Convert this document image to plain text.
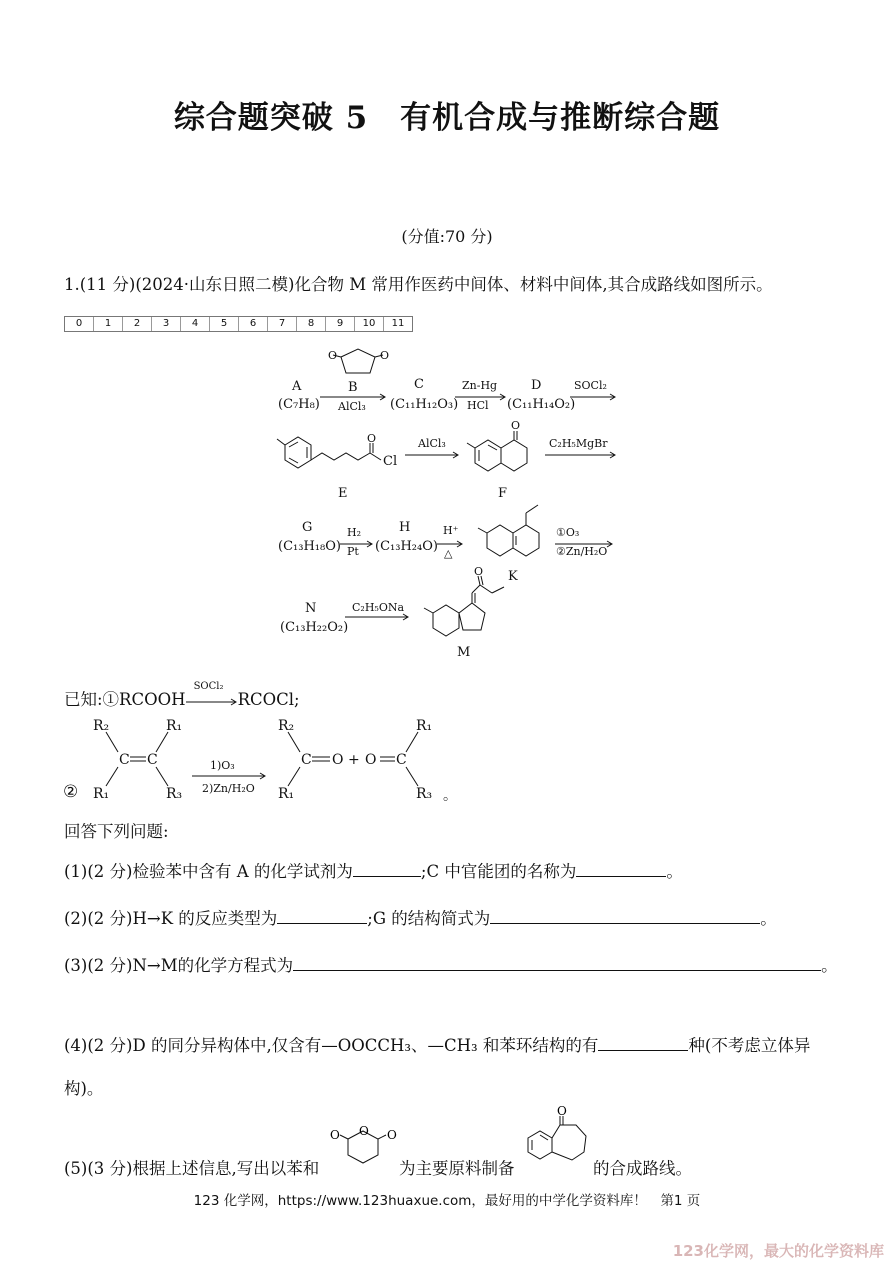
综合题突破 5　有机合成与推断综合题
(分值:70 分)
1.(11 分)(2024·山东日照二模)化合物 M 常用作医药中间体、材料中间体,其合成路线如图所示。
0	1	2	3	4	5	6	7	8	9	10	11
O	O
A
(C₇H₈)
B
AlCl₃
C
(C₁₁H₁₂O₃)
Zn-Hg
HCl
D
(C₁₁H₁₄O₂)
SOCl₂
O
Cl
E
AlCl₃
O
F
C₂H₅MgBr
G
(C₁₃H₁₈O)
H₂
Pt
H
(C₁₃H₂₄O)
H⁺
△
K
①O₃
②Zn/H₂O
N
(C₁₃H₂₂O₂)
C₂H₅ONa
O
M
已知:①RCOOH
SOCl₂
RCOCl;
②
R₂
R₁
C C
R₁
R₃
1)O₃
2)Zn/H₂O
R₂
R₁
C O + O C
R₁
R₃ 。
回答下列问题:
(1)(2 分)检验苯中含有 A 的化学试剂为	;C 中官能团的名称为	。
(2)(2 分)H→K 的反应类型为	;G 的结构简式为	。
(3)(2 分)N→M的化学方程式为	。
(4)(2 分)D 的同分异构体中,仅含有—OOCCH₃、—CH₃ 和苯环结构的有	种(不考虑立体异
构)。
(5)(3 分)根据上述信息,写出以苯和
O O O
为主要原料制备
O
的合成路线。
123 化学网，https://www.123huaxue.com，最好用的中学化学资料库！　第1 页
123化学网，最大的化学资料库
